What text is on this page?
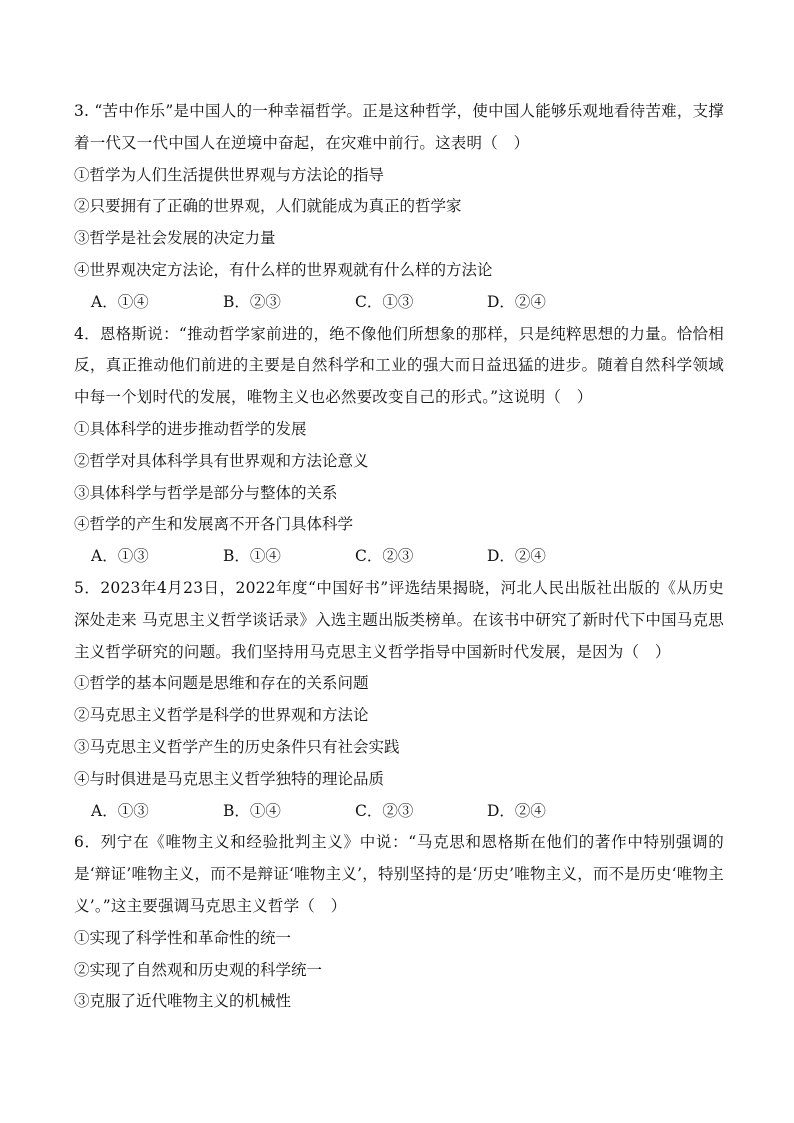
3. “苦中作乐”是中国人的一种幸福哲学。正是这种哲学，使中国人能够乐观地看待苦难，支撑着一代又一代中国人在逆境中奋起，在灾难中前行。这表明（　）

①哲学为人们生活提供世界观与方法论的指导

②只要拥有了正确的世界观，人们就能成为真正的哲学家

③哲学是社会发展的决定力量

④世界观决定方法论，有什么样的世界观就有什么样的方法论

A．①④	B．②③	C．①③	D．②④

4．恩格斯说：“推动哲学家前进的，绝不像他们所想象的那样，只是纯粹思想的力量。恰恰相反，真正推动他们前进的主要是自然科学和工业的强大而日益迅猛的进步。随着自然科学领域中每一个划时代的发展，唯物主义也必然要改变自己的形式。”这说明（　）

①具体科学的进步推动哲学的发展

②哲学对具体科学具有世界观和方法论意义

③具体科学与哲学是部分与整体的关系

④哲学的产生和发展离不开各门具体科学

A．①③	B．①④	C．②③	D．②④

5．2023年4月23日，2022年度“中国好书”评选结果揭晓，河北人民出版社出版的《从历史深处走来 马克思主义哲学谈话录》入选主题出版类榜单。在该书中研究了新时代下中国马克思主义哲学研究的问题。我们坚持用马克思主义哲学指导中国新时代发展，是因为（　）

①哲学的基本问题是思维和存在的关系问题

②马克思主义哲学是科学的世界观和方法论

③马克思主义哲学产生的历史条件只有社会实践

④与时俱进是马克思主义哲学独特的理论品质

A．①③	B．①④	C．②③	D．②④

6．列宁在《唯物主义和经验批判主义》中说：“马克思和恩格斯在他们的著作中特别强调的是‘辩证’唯物主义，而不是辩证‘唯物主义’，特别坚持的是‘历史’唯物主义，而不是历史‘唯物主义’。”这主要强调马克思主义哲学（　）

①实现了科学性和革命性的统一

②实现了自然观和历史观的科学统一

③克服了近代唯物主义的机械性
